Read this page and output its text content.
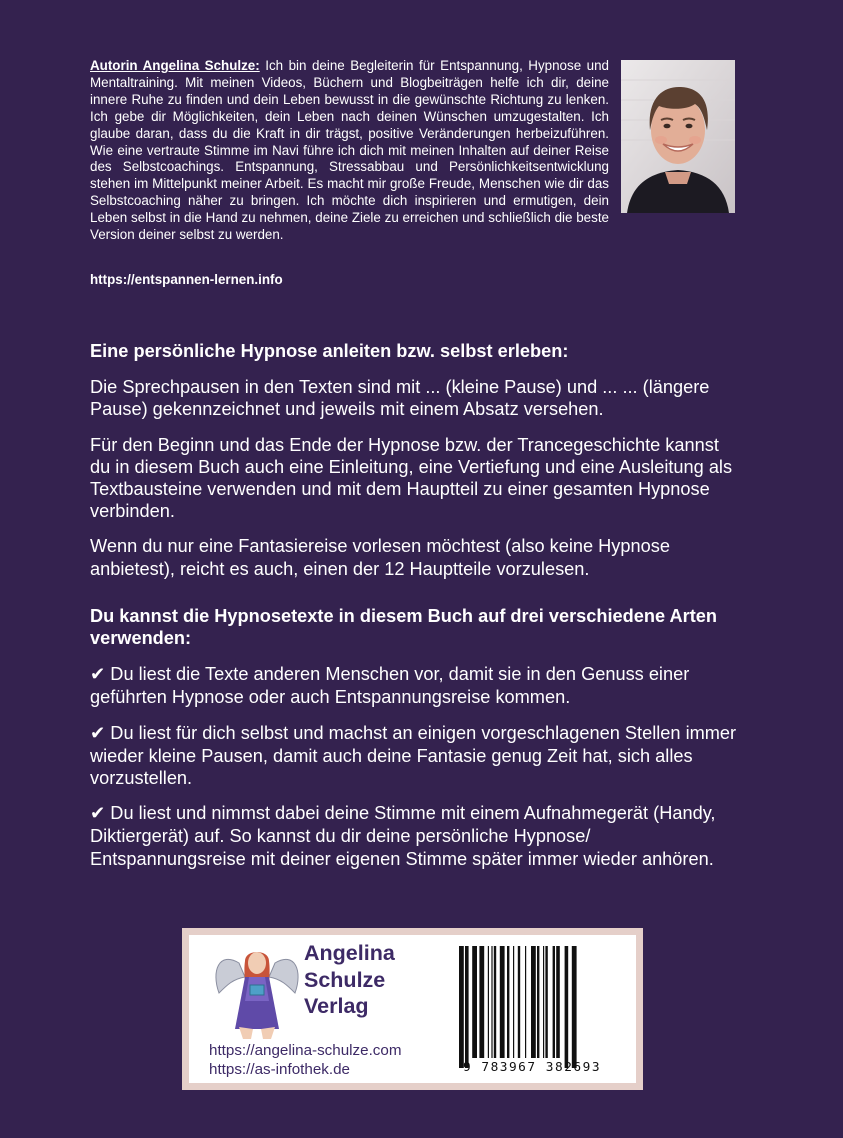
Autorin Angelina Schulze: Ich bin deine Begleiterin für Entspannung, Hypnose und Mentaltraining. Mit meinen Videos, Büchern und Blogbeiträgen helfe ich dir, deine innere Ruhe zu finden und dein Leben bewusst in die gewünschte Richtung zu lenken. Ich gebe dir Möglichkeiten, dein Leben nach deinen Wünschen umzugestalten. Ich glaube daran, dass du die Kraft in dir trägst, positive Veränderungen herbeizuführen. Wie eine vertraute Stimme im Navi führe ich dich mit meinen Inhalten auf deiner Reise des Selbstcoachings. Entspannung, Stressabbau und Persönlichkeitsentwicklung stehen im Mittelpunkt meiner Arbeit. Es macht mir große Freude, Menschen wie dir das Selbstcoaching näher zu bringen. Ich möchte dich inspirieren und ermutigen, dein Leben selbst in die Hand zu nehmen, deine Ziele zu erreichen und schließlich die beste Version deiner selbst zu werden.

https://entspannen-lernen.info

Eine persönliche Hypnose anleiten bzw. selbst erleben:

Die Sprechpausen in den Texten sind mit ... (kleine Pause) und ... ... (längere Pause) gekennzeichnet und jeweils mit einem Absatz versehen.

Für den Beginn und das Ende der Hypnose bzw. der Trancegeschichte kannst du in diesem Buch auch eine Einleitung, eine Vertiefung und eine Ausleitung als Textbausteine verwenden und mit dem Hauptteil zu einer gesamten Hypnose verbinden.

Wenn du nur eine Fantasiereise vorlesen möchtest (also keine Hypnose anbietest), reicht es auch, einen der 12 Hauptteile vorzulesen.

Du kannst die Hypnosetexte in diesem Buch auf drei verschiedene Arten verwenden:

✔ Du liest die Texte anderen Menschen vor, damit sie in den Genuss einer geführten Hypnose oder auch Entspannungsreise kommen.

✔ Du liest für dich selbst und machst an einigen vorgeschlagenen Stellen immer wieder kleine Pausen, damit auch deine Fantasie genug Zeit hat, sich alles vorzustellen.

✔ Du liest und nimmst dabei deine Stimme mit einem Aufnahmegerät (Handy, Diktiergerät) auf. So kannst du dir deine persönliche Hypnose/ Entspannungsreise mit deiner eigenen Stimme später immer wieder anhören.

Angelina
Schulze
Verlag
https://angelina-schulze.com
https://as-infothek.de	9 783967 382693
